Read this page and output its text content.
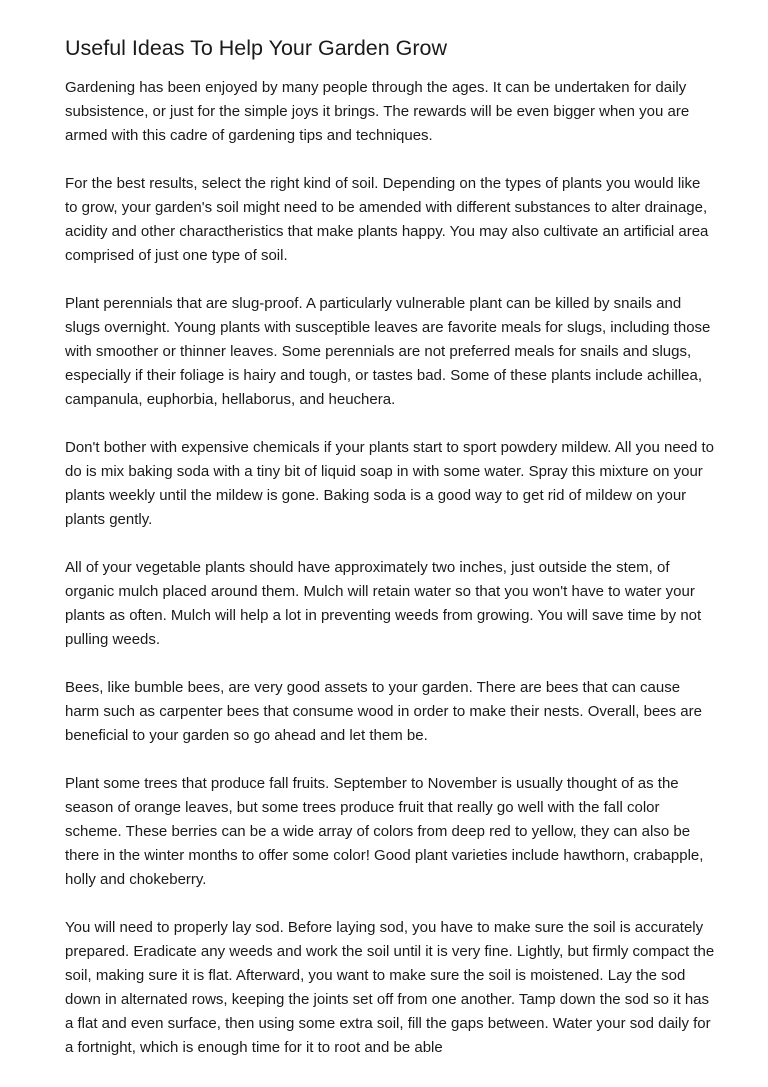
Useful Ideas To Help Your Garden Grow

Gardening has been enjoyed by many people through the ages. It can be undertaken for daily subsistence, or just for the simple joys it brings. The rewards will be even bigger when you are armed with this cadre of gardening tips and techniques.

For the best results, select the right kind of soil. Depending on the types of plants you would like to grow, your garden's soil might need to be amended with different substances to alter drainage, acidity and other charactheristics that make plants happy. You may also cultivate an artificial area comprised of just one type of soil.

Plant perennials that are slug-proof. A particularly vulnerable plant can be killed by snails and slugs overnight. Young plants with susceptible leaves are favorite meals for slugs, including those with smoother or thinner leaves. Some perennials are not preferred meals for snails and slugs, especially if their foliage is hairy and tough, or tastes bad. Some of these plants include achillea, campanula, euphorbia, hellaborus, and heuchera.

Don't bother with expensive chemicals if your plants start to sport powdery mildew. All you need to do is mix baking soda with a tiny bit of liquid soap in with some water. Spray this mixture on your plants weekly until the mildew is gone. Baking soda is a good way to get rid of mildew on your plants gently.

All of your vegetable plants should have approximately two inches, just outside the stem, of organic mulch placed around them. Mulch will retain water so that you won't have to water your plants as often. Mulch will help a lot in preventing weeds from growing. You will save time by not pulling weeds.

Bees, like bumble bees, are very good assets to your garden. There are bees that can cause harm such as carpenter bees that consume wood in order to make their nests. Overall, bees are beneficial to your garden so go ahead and let them be.

Plant some trees that produce fall fruits. September to November is usually thought of as the season of orange leaves, but some trees produce fruit that really go well with the fall color scheme. These berries can be a wide array of colors from deep red to yellow, they can also be there in the winter months to offer some color! Good plant varieties include hawthorn, crabapple, holly and chokeberry.

You will need to properly lay sod. Before laying sod, you have to make sure the soil is accurately prepared. Eradicate any weeds and work the soil until it is very fine. Lightly, but firmly compact the soil, making sure it is flat. Afterward, you want to make sure the soil is moistened. Lay the sod down in alternated rows, keeping the joints set off from one another. Tamp down the sod so it has a flat and even surface, then using some extra soil, fill the gaps between. Water your sod daily for a fortnight, which is enough time for it to root and be able
